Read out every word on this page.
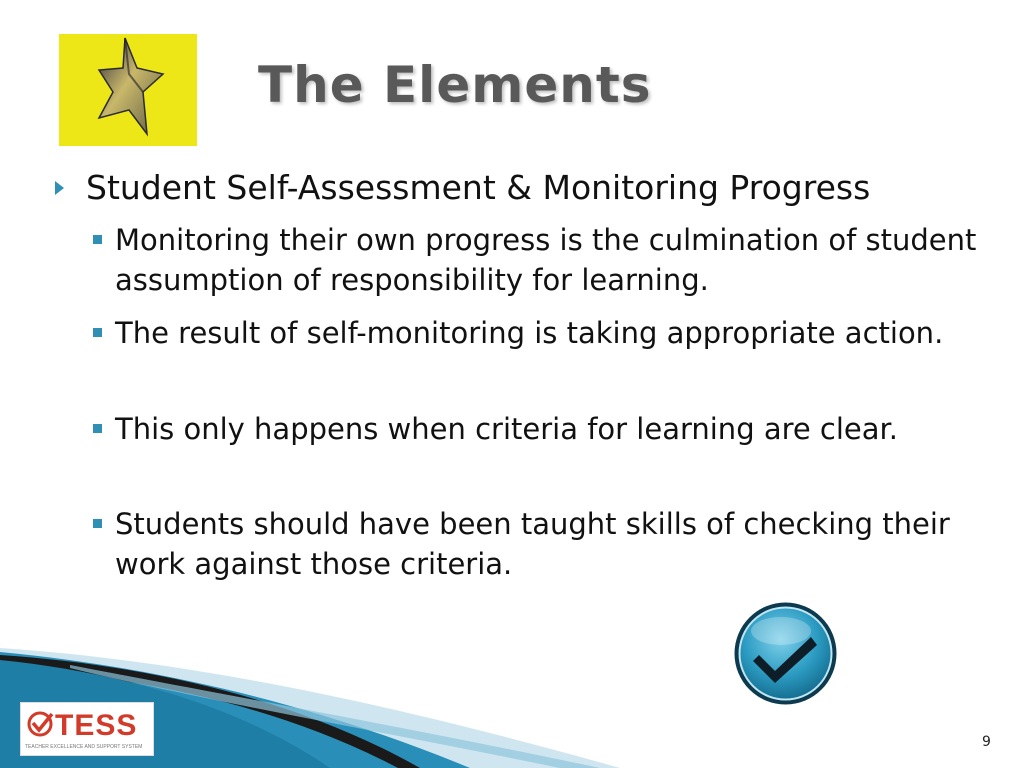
The Elements
Student Self-Assessment & Monitoring Progress
Monitoring their own progress is the culmination of student assumption of responsibility for learning.
The result of self-monitoring is taking appropriate action.
This only happens when criteria for learning are clear.
Students should have been taught skills of checking their work against those criteria.
TESS
TEACHER EXCELLENCE AND SUPPORT SYSTEM	9
